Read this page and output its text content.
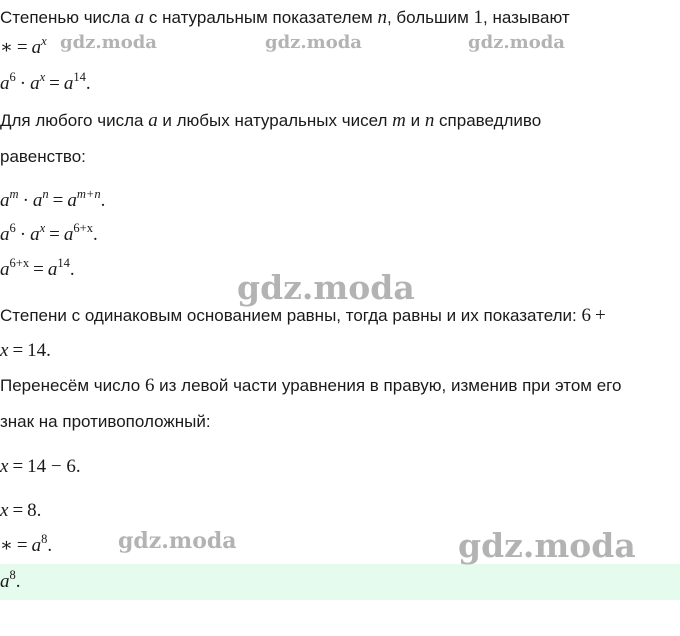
Степенью числа a с натуральным показателем n, большим 1, называют
∗ = $a^x$
$a^6 \cdot a^x = a^{14}$.
Для любого числа a и любых натуральных чисел m и n справедливо
равенство:
$a^m \cdot a^n = a^{m+n}$.
$a^6 \cdot a^x = a^{6+x}$.
$a^{6+x} = a^{14}$.
Степени с одинаковым основанием равны, тогда равны и их показатели: 6 +
x = 14.
Перенесём число 6 из левой части уравнения в правую, изменив при этом его
знак на противоположный:
x = 14 − 6.
x = 8.
∗ = $a^8$.
$a^8$.
gdz.moda	gdz.moda	gdz.moda
gdz.moda
gdz.moda	gdz.moda
